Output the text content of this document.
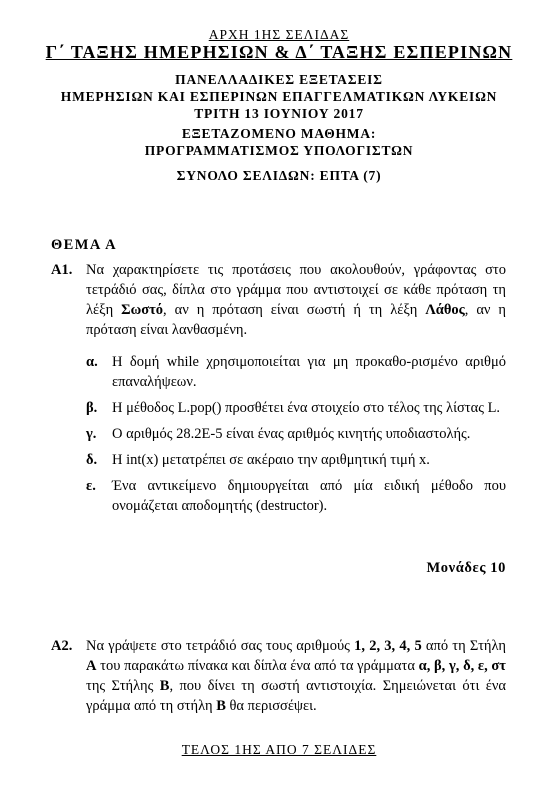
ΑΡΧΗ 1ΗΣ ΣΕΛΙΔΑΣ
Γ΄ ΤΑΞΗΣ ΗΜΕΡΗΣΙΩΝ & Δ΄ ΤΑΞΗΣ ΕΣΠΕΡΙΝΩΝ
ΠΑΝΕΛΛΑΔΙΚΕΣ ΕΞΕΤΑΣΕΙΣ
ΗΜΕΡΗΣΙΩΝ ΚΑΙ ΕΣΠΕΡΙΝΩΝ ΕΠΑΓΓΕΛΜΑΤΙΚΩΝ ΛΥΚΕΙΩΝ
ΤΡΙΤΗ 13 ΙΟΥΝΙΟΥ 2017
ΕΞΕΤΑΖΟΜΕΝΟ ΜΑΘΗΜΑ:
ΠΡΟΓΡΑΜΜΑΤΙΣΜΟΣ ΥΠΟΛΟΓΙΣΤΩΝ
ΣΥΝΟΛΟ ΣΕΛΙΔΩΝ: ΕΠΤΑ (7)
ΘΕΜΑ Α
Α1. Να χαρακτηρίσετε τις προτάσεις που ακολουθούν, γράφοντας στο τετράδιό σας, δίπλα στο γράμμα που αντιστοιχεί σε κάθε πρόταση τη λέξη Σωστό, αν η πρόταση είναι σωστή ή τη λέξη Λάθος, αν η πρόταση είναι λανθασμένη.
α. Η δομή while χρησιμοποιείται για μη προκαθο-ρισμένο αριθμό επαναλήψεων.
β. Η μέθοδος L.pop() προσθέτει ένα στοιχείο στο τέλος της λίστας L.
γ. Ο αριθμός 28.2E-5 είναι ένας αριθμός κινητής υποδιαστολής.
δ. Η int(x) μετατρέπει σε ακέραιο την αριθμητική τιμή x.
ε. Ένα αντικείμενο δημιουργείται από μία ειδική μέθοδο που ονομάζεται αποδομητής (destructor).
Μονάδες 10
Α2. Να γράψετε στο τετράδιό σας τους αριθμούς 1, 2, 3, 4, 5 από τη Στήλη Α του παρακάτω πίνακα και δίπλα ένα από τα γράμματα α, β, γ, δ, ε, στ της Στήλης Β, που δίνει τη σωστή αντιστοιχία. Σημειώνεται ότι ένα γράμμα από τη στήλη Β θα περισσέψει.
ΤΕΛΟΣ 1ΗΣ ΑΠΟ 7 ΣΕΛΙΔΕΣ
